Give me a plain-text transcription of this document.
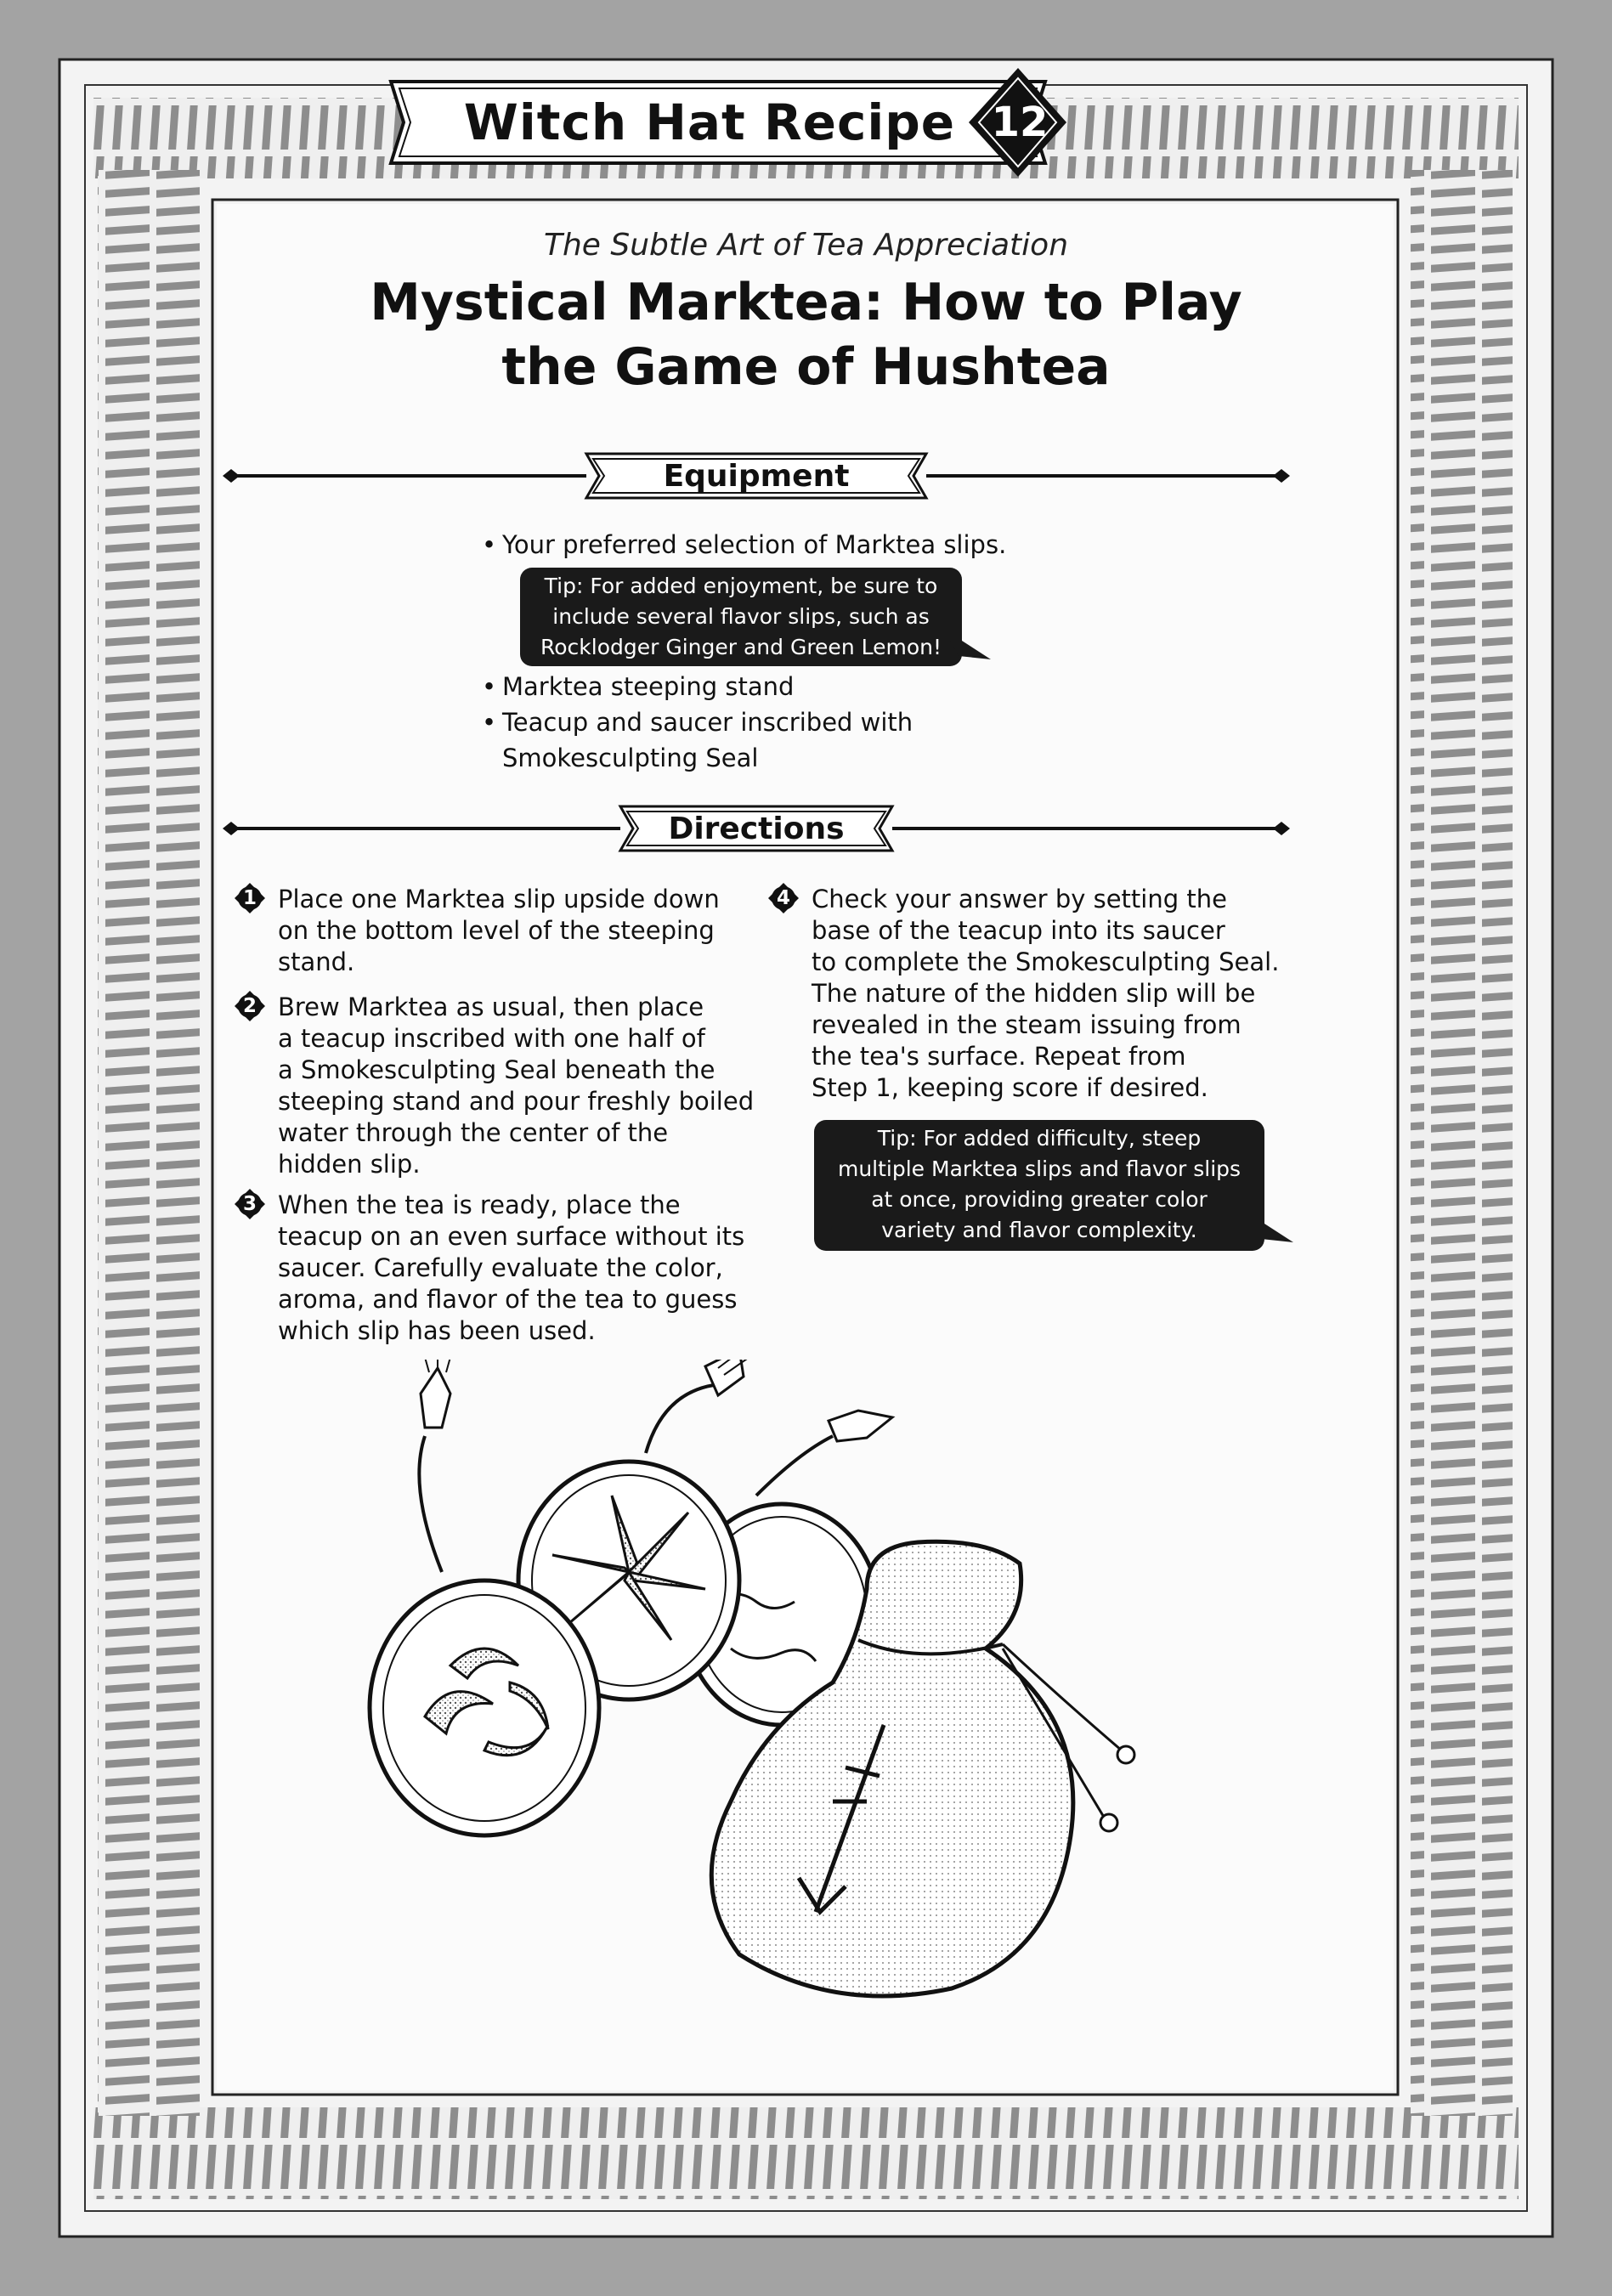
Witch Hat Recipe 12
The Subtle Art of Tea Appreciation
Mystical Marktea: How to Play
the Game of Hushtea
Equipment
• Your preferred selection of Marktea slips.
Tip: For added enjoyment, be sure to
include several flavor slips, such as
Rocklodger Ginger and Green Lemon!
• Marktea steeping stand
• Teacup and saucer inscribed with
Smokesculpting Seal
Directions
1 Place one Marktea slip upside down
on the bottom level of the steeping
stand.
2 Brew Marktea as usual, then place
a teacup inscribed with one half of
a Smokesculpting Seal beneath the
steeping stand and pour freshly boiled
water through the center of the
hidden slip.
3 When the tea is ready, place the
teacup on an even surface without its
saucer. Carefully evaluate the color,
aroma, and flavor of the tea to guess
which slip has been used.
4 Check your answer by setting the
base of the teacup into its saucer
to complete the Smokesculpting Seal.
The nature of the hidden slip will be
revealed in the steam issuing from
the tea's surface. Repeat from
Step 1, keeping score if desired.
Tip: For added difficulty, steep
multiple Marktea slips and flavor slips
at once, providing greater color
variety and flavor complexity.
